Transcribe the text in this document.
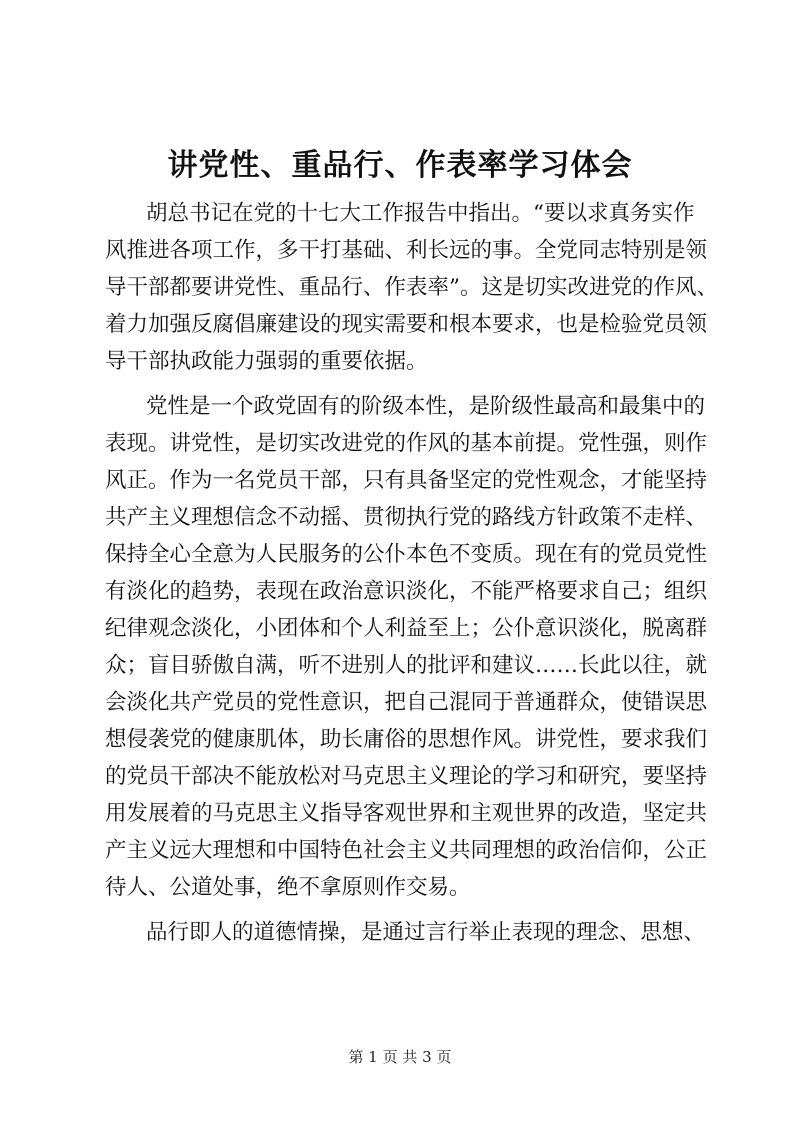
讲党性、重品行、作表率学习体会
胡总书记在党的十七大工作报告中指出。“要以求真务实作
风推进各项工作，多干打基础、利长远的事。全党同志特别是领
导干部都要讲党性、重品行、作表率”。这是切实改进党的作风、
着力加强反腐倡廉建设的现实需要和根本要求，也是检验党员领
导干部执政能力强弱的重要依据。
党性是一个政党固有的阶级本性，是阶级性最高和最集中的
表现。讲党性，是切实改进党的作风的基本前提。党性强，则作
风正。作为一名党员干部，只有具备坚定的党性观念，才能坚持
共产主义理想信念不动摇、贯彻执行党的路线方针政策不走样、
保持全心全意为人民服务的公仆本色不变质。现在有的党员党性
有淡化的趋势，表现在政治意识淡化，不能严格要求自己；组织
纪律观念淡化，小团体和个人利益至上；公仆意识淡化，脱离群
众；盲目骄傲自满，听不进别人的批评和建议……长此以往，就
会淡化共产党员的党性意识，把自己混同于普通群众，使错误思
想侵袭党的健康肌体，助长庸俗的思想作风。讲党性，要求我们
的党员干部决不能放松对马克思主义理论的学习和研究，要坚持
用发展着的马克思主义指导客观世界和主观世界的改造，坚定共
产主义远大理想和中国特色社会主义共同理想的政治信仰，公正
待人、公道处事，绝不拿原则作交易。
品行即人的道德情操，是通过言行举止表现的理念、思想、
第 1 页 共 3 页
